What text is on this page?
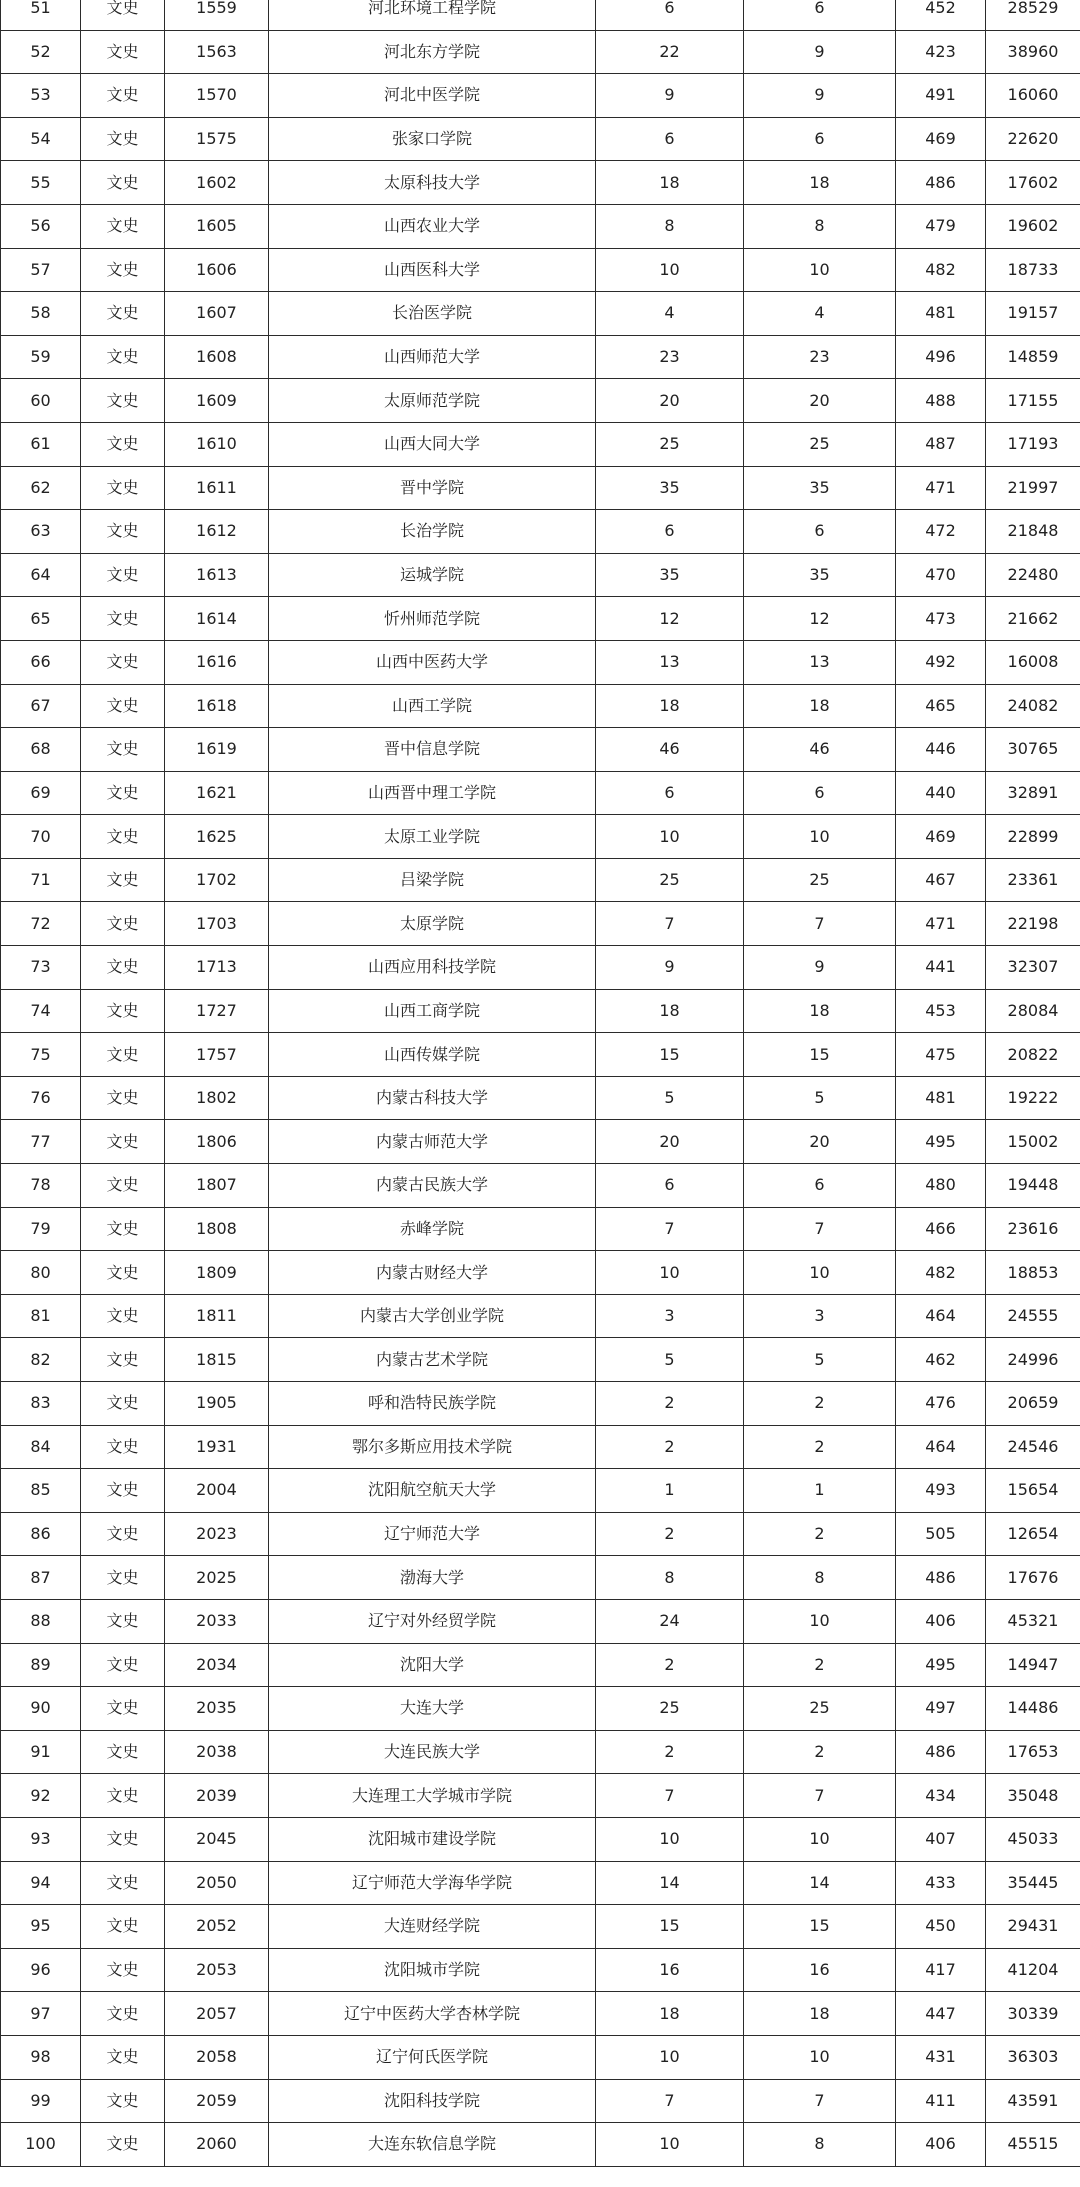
51	文史	1559	河北环境工程学院	6	6	452	28529
52	文史	1563	河北东方学院	22	9	423	38960
53	文史	1570	河北中医学院	9	9	491	16060
54	文史	1575	张家口学院	6	6	469	22620
55	文史	1602	太原科技大学	18	18	486	17602
56	文史	1605	山西农业大学	8	8	479	19602
57	文史	1606	山西医科大学	10	10	482	18733
58	文史	1607	长治医学院	4	4	481	19157
59	文史	1608	山西师范大学	23	23	496	14859
60	文史	1609	太原师范学院	20	20	488	17155
61	文史	1610	山西大同大学	25	25	487	17193
62	文史	1611	晋中学院	35	35	471	21997
63	文史	1612	长治学院	6	6	472	21848
64	文史	1613	运城学院	35	35	470	22480
65	文史	1614	忻州师范学院	12	12	473	21662
66	文史	1616	山西中医药大学	13	13	492	16008
67	文史	1618	山西工学院	18	18	465	24082
68	文史	1619	晋中信息学院	46	46	446	30765
69	文史	1621	山西晋中理工学院	6	6	440	32891
70	文史	1625	太原工业学院	10	10	469	22899
71	文史	1702	吕梁学院	25	25	467	23361
72	文史	1703	太原学院	7	7	471	22198
73	文史	1713	山西应用科技学院	9	9	441	32307
74	文史	1727	山西工商学院	18	18	453	28084
75	文史	1757	山西传媒学院	15	15	475	20822
76	文史	1802	内蒙古科技大学	5	5	481	19222
77	文史	1806	内蒙古师范大学	20	20	495	15002
78	文史	1807	内蒙古民族大学	6	6	480	19448
79	文史	1808	赤峰学院	7	7	466	23616
80	文史	1809	内蒙古财经大学	10	10	482	18853
81	文史	1811	内蒙古大学创业学院	3	3	464	24555
82	文史	1815	内蒙古艺术学院	5	5	462	24996
83	文史	1905	呼和浩特民族学院	2	2	476	20659
84	文史	1931	鄂尔多斯应用技术学院	2	2	464	24546
85	文史	2004	沈阳航空航天大学	1	1	493	15654
86	文史	2023	辽宁师范大学	2	2	505	12654
87	文史	2025	渤海大学	8	8	486	17676
88	文史	2033	辽宁对外经贸学院	24	10	406	45321
89	文史	2034	沈阳大学	2	2	495	14947
90	文史	2035	大连大学	25	25	497	14486
91	文史	2038	大连民族大学	2	2	486	17653
92	文史	2039	大连理工大学城市学院	7	7	434	35048
93	文史	2045	沈阳城市建设学院	10	10	407	45033
94	文史	2050	辽宁师范大学海华学院	14	14	433	35445
95	文史	2052	大连财经学院	15	15	450	29431
96	文史	2053	沈阳城市学院	16	16	417	41204
97	文史	2057	辽宁中医药大学杏林学院	18	18	447	30339
98	文史	2058	辽宁何氏医学院	10	10	431	36303
99	文史	2059	沈阳科技学院	7	7	411	43591
100	文史	2060	大连东软信息学院	10	8	406	45515
